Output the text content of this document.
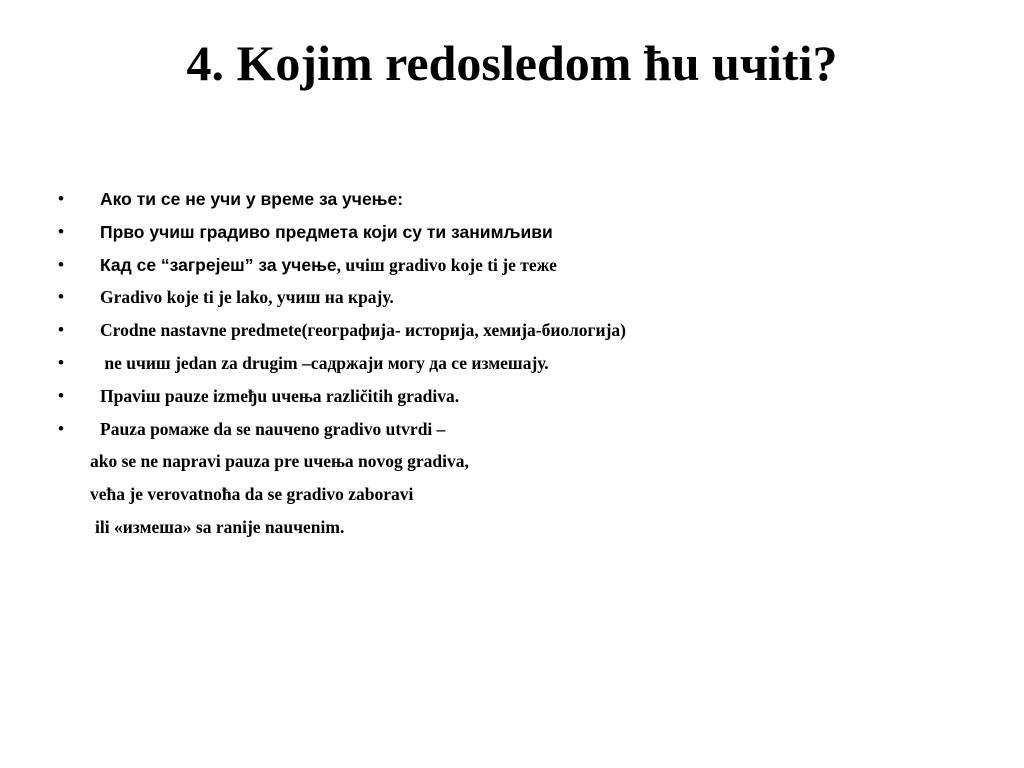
4. Kojim redosledom ћu uчiti?
• Ако ти се не учи у време за учење:
• Прво учиш градиво предмета који су ти занимљиви
• Кад се “загрејеш” за учење, uчiш gradivo koje ti je теже
• Gradivo koje ti je lako, учиш на крају.
• Crodne nastavne predmete(географија- историја, хемија-биологија)
• ne uчиш jedan za drugim –садржаји могу да се измешају.
• Пpaviш pauze izmeђu uчeњa različitih gradiva.
• Pauza ромаже da se nauчeno gradivo utvrdi –
ako se ne napravi pauza pre uчeњa novog gradiva,
veћa je verovatnoћa da se gradivo zaboravi
ili «измеша» sa ranije nauчenim.
